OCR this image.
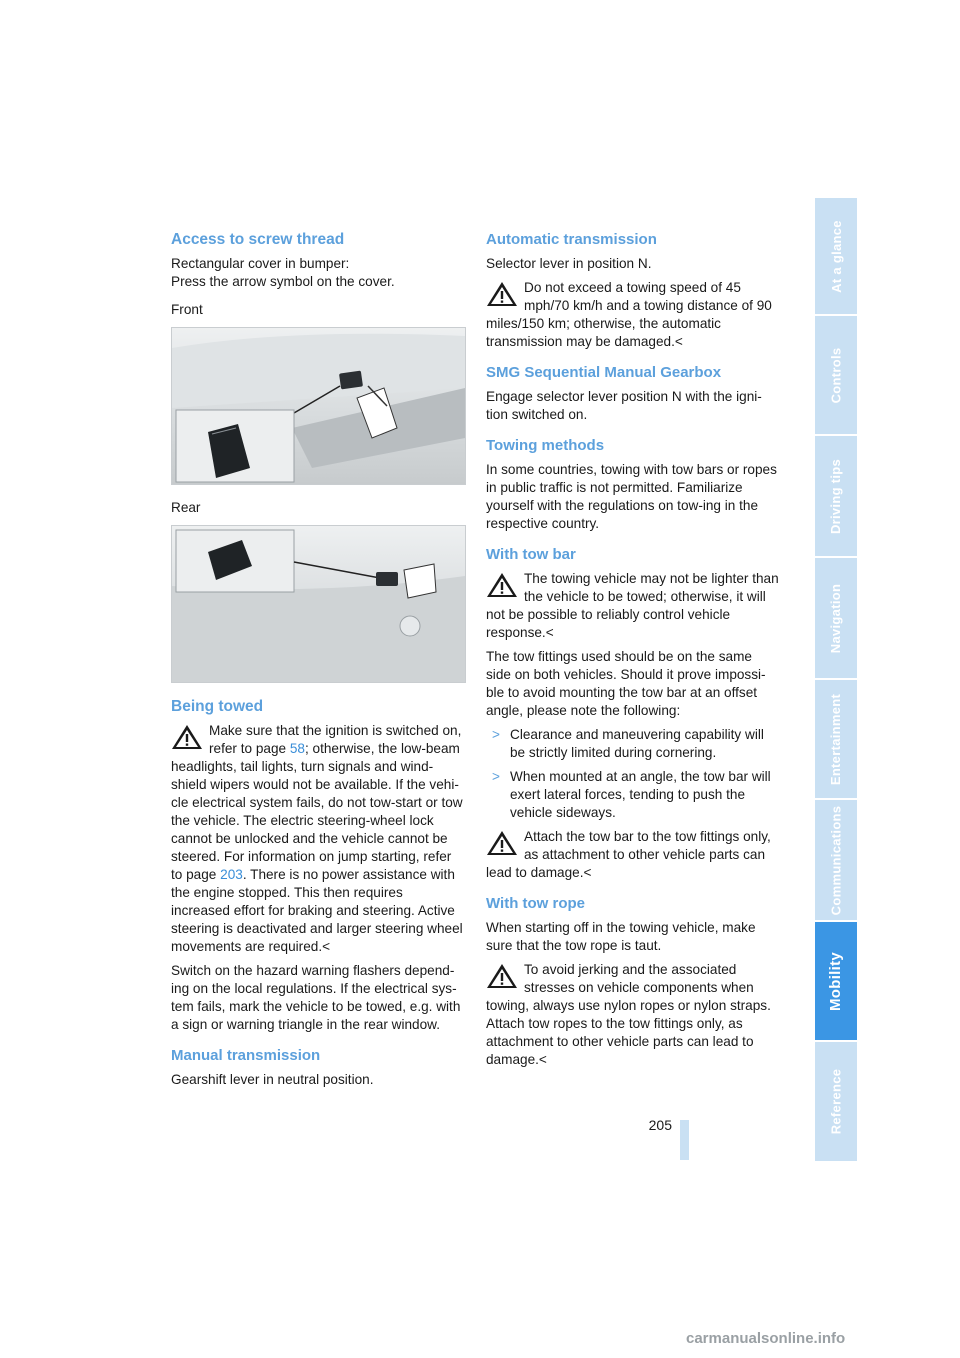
Access to screw thread

Rectangular cover in bumper:

Press the arrow symbol on the cover.

Front

Rear

Being towed
Make sure that the ignition is switched on, refer to page 58; otherwise, the low-beam headlights, tail lights, turn signals and wind-shield wipers would not be available. If the vehi-cle electrical system fails, do not tow-start or tow the vehicle. The electric steering-wheel lock cannot be unlocked and the vehicle cannot be steered. For information on jump starting, refer to page 203. There is no power assistance with the engine stopped. This then requires increased effort for braking and steering. Active steering is deactivated and larger steering wheel movements are required.<

Switch on the hazard warning flashers depend-ing on the local regulations. If the electrical sys-tem fails, mark the vehicle to be towed, e.g. with a sign or warning triangle in the rear window.

Manual transmission

Gearshift lever in neutral position.

Automatic transmission

Selector lever in position N.

Do not exceed a towing speed of 45 mph/70 km/h and a towing distance of 90 miles/150 km; otherwise, the automatic transmission may be damaged.<
SMG Sequential Manual Gearbox

Engage selector lever position N with the igni-tion switched on.

Towing methods

In some countries, towing with tow bars or ropes in public traffic is not permitted. Familiarize yourself with the regulations on tow-ing in the respective country.

With tow bar
The towing vehicle may not be lighter than the vehicle to be towed; otherwise, it will not be possible to reliably control vehicle response.<

The tow fittings used should be on the same side on both vehicles. Should it prove impossi-ble to avoid mounting the tow bar at an offset angle, please note the following:

> Clearance and maneuvering capability will be strictly limited during cornering.
> When mounted at an angle, the tow bar will exert lateral forces, tending to push the vehicle sideways.
Attach the tow bar to the tow fittings only, as attachment to other vehicle parts can lead to damage.<
With tow rope

When starting off in the towing vehicle, make sure that the tow rope is taut.

To avoid jerking and the associated stresses on vehicle components when towing, always use nylon ropes or nylon straps. Attach tow ropes to the tow fittings only, as attachment to other vehicle parts can lead to damage.<
At a glance
Controls
Driving tips
Navigation
Entertainment
Communications
Mobility
Reference
205
carmanualsonline.info
